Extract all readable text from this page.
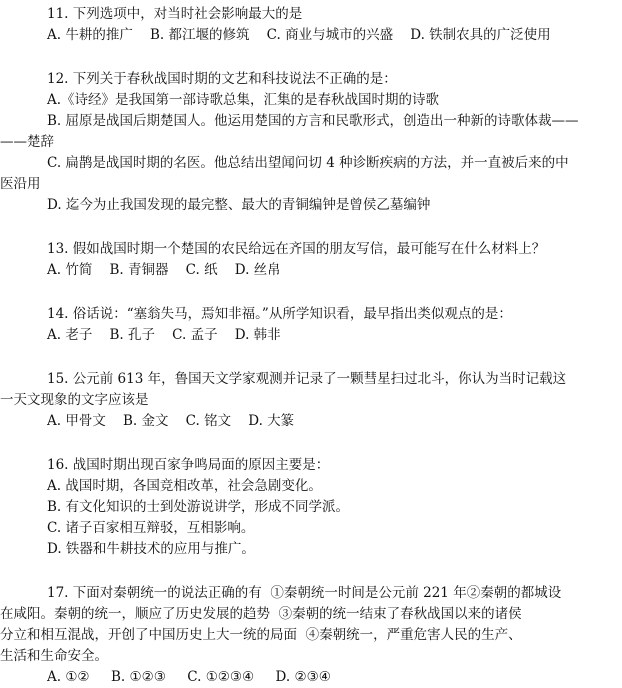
11. 下列选项中，对当时社会影响最大的是
A. 牛耕的推广    B. 都江堰的修筑    C. 商业与城市的兴盛    D. 铁制农具的广泛使用
12. 下列关于春秋战国时期的文艺和科技说法不正确的是：
A.《诗经》是我国第一部诗歌总集，汇集的是春秋战国时期的诗歌
B. 屈原是战国后期楚国人。他运用楚国的方言和民歌形式，创造出一种新的诗歌体裁——
——楚辞
C. 扁鹊是战国时期的名医。他总结出望闻问切 4 种诊断疾病的方法，并一直被后来的中
医沿用
D. 迄今为止我国发现的最完整、最大的青铜编钟是曾侯乙墓编钟
13. 假如战国时期一个楚国的农民给远在齐国的朋友写信，最可能写在什么材料上？
A. 竹简    B. 青铜器    C. 纸    D. 丝帛
14. 俗话说：“塞翁失马，焉知非福。”从所学知识看，最早指出类似观点的是：
A. 老子    B. 孔子    C. 孟子    D. 韩非
15. 公元前 613 年，鲁国天文学家观测并记录了一颗彗星扫过北斗，你认为当时记载这
一天文现象的文字应该是
A. 甲骨文    B. 金文    C. 铭文    D. 大篆
16. 战国时期出现百家争鸣局面的原因主要是：
A. 战国时期，各国竞相改革，社会急剧变化。
B. 有文化知识的士到处游说讲学，形成不同学派。
C. 诸子百家相互辩驳，互相影响。
D. 铁器和牛耕技术的应用与推广。
17. 下面对秦朝统一的说法正确的有  ①秦朝统一时间是公元前 221 年②秦朝的都城设
在咸阳。秦朝的统一，顺应了历史发展的趋势  ③秦朝的统一结束了春秋战国以来的诸侯
分立和相互混战，开创了中国历史上大一统的局面  ④秦朝统一，严重危害人民的生产、
生活和生命安全。
A. ①②     B. ①②③     C. ①②③④     D. ②③④
